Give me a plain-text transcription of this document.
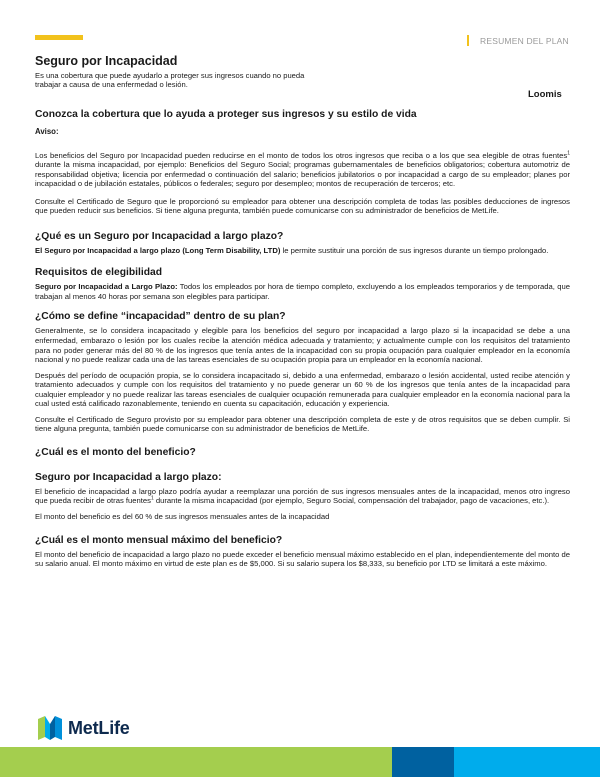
RESUMEN DEL PLAN
Seguro por Incapacidad
Es una cobertura que puede ayudarlo a proteger sus ingresos cuando no pueda trabajar a causa de una enfermedad o lesión.
Loomis
Conozca la cobertura que lo ayuda a proteger sus ingresos y su estilo de vida

Aviso:

Los beneficios del Seguro por Incapacidad pueden reducirse en el monto de todos los otros ingresos que reciba o a los que sea elegible de otras fuentes$^1$ durante la misma incapacidad, por ejemplo: Beneficios del Seguro Social; programas gubernamentales de beneficios obligatorios; cobertura automotriz de responsabilidad objetiva; licencia por enfermedad o continuación del salario; beneficios jubilatorios o por incapacidad a cargo de su empleador; planes por incapacidad o de jubilación estatales, públicos o federales; seguro por desempleo; montos de recuperación de terceros; etc.

Consulte el Certificado de Seguro que le proporcionó su empleador para obtener una descripción completa de todas las posibles deducciones de ingresos que pueden reducir sus beneficios. Si tiene alguna pregunta, también puede comunicarse con su administrador de beneficios de MetLife.

¿Qué es un Seguro por Incapacidad a largo plazo?

El Seguro por Incapacidad a largo plazo (Long Term Disability, LTD) le permite sustituir una porción de sus ingresos durante un tiempo prolongado.

Requisitos de elegibilidad

Seguro por Incapacidad a Largo Plazo: Todos los empleados por hora de tiempo completo, excluyendo a los empleados temporarios y de temporada, que trabajan al menos 40 horas por semana son elegibles para participar.

¿Cómo se define “incapacidad” dentro de su plan?

Generalmente, se lo considera incapacitado y elegible para los beneficios del seguro por incapacidad a largo plazo si la incapacidad se debe a una enfermedad, embarazo o lesión por los cuales recibe la atención médica adecuada y tratamiento; y actualmente cumple con los requisitos del tratamiento para no poder generar más del 80 % de los ingresos que tenía antes de la incapacidad con su propia ocupación para cualquier empleador en la economía nacional y no puede realizar cada una de las tareas esenciales de su ocupación propia para un empleador en la economía nacional.

Después del período de ocupación propia, se lo considera incapacitado si, debido a una enfermedad, embarazo o lesión accidental, usted recibe atención y tratamiento adecuados y cumple con los requisitos del tratamiento y no puede generar un 60 % de los ingresos que tenía antes de la incapacidad para cualquier empleador y no puede realizar las tareas esenciales de cualquier ocupación remunerada para cualquier empleador en la economía nacional para la cual usted está calificado razonablemente, teniendo en cuenta su capacitación, educación y experiencia.

Consulte el Certificado de Seguro provisto por su empleador para obtener una descripción completa de este y de otros requisitos que se deben cumplir. Si tiene alguna pregunta, también puede comunicarse con su administrador de beneficios de MetLife.

¿Cuál es el monto del beneficio?
Seguro por Incapacidad a largo plazo:

El beneficio de incapacidad a largo plazo podría ayudar a reemplazar una porción de sus ingresos mensuales antes de la incapacidad, menos otro ingreso que pueda recibir de otras fuentes$^1$ durante la misma incapacidad (por ejemplo, Seguro Social, compensación del trabajador, pago de vacaciones, etc.).

El monto del beneficio es del 60 % de sus ingresos mensuales antes de la incapacidad

¿Cuál es el monto mensual máximo del beneficio?

El monto del beneficio de incapacidad a largo plazo no puede exceder el beneficio mensual máximo establecido en el plan, independientemente del monto de su salario anual. El monto máximo en virtud de este plan es de $5,000. Si su salario supera los $8,333, su beneficio por LTD se limitará a este máximo.

MetLife
